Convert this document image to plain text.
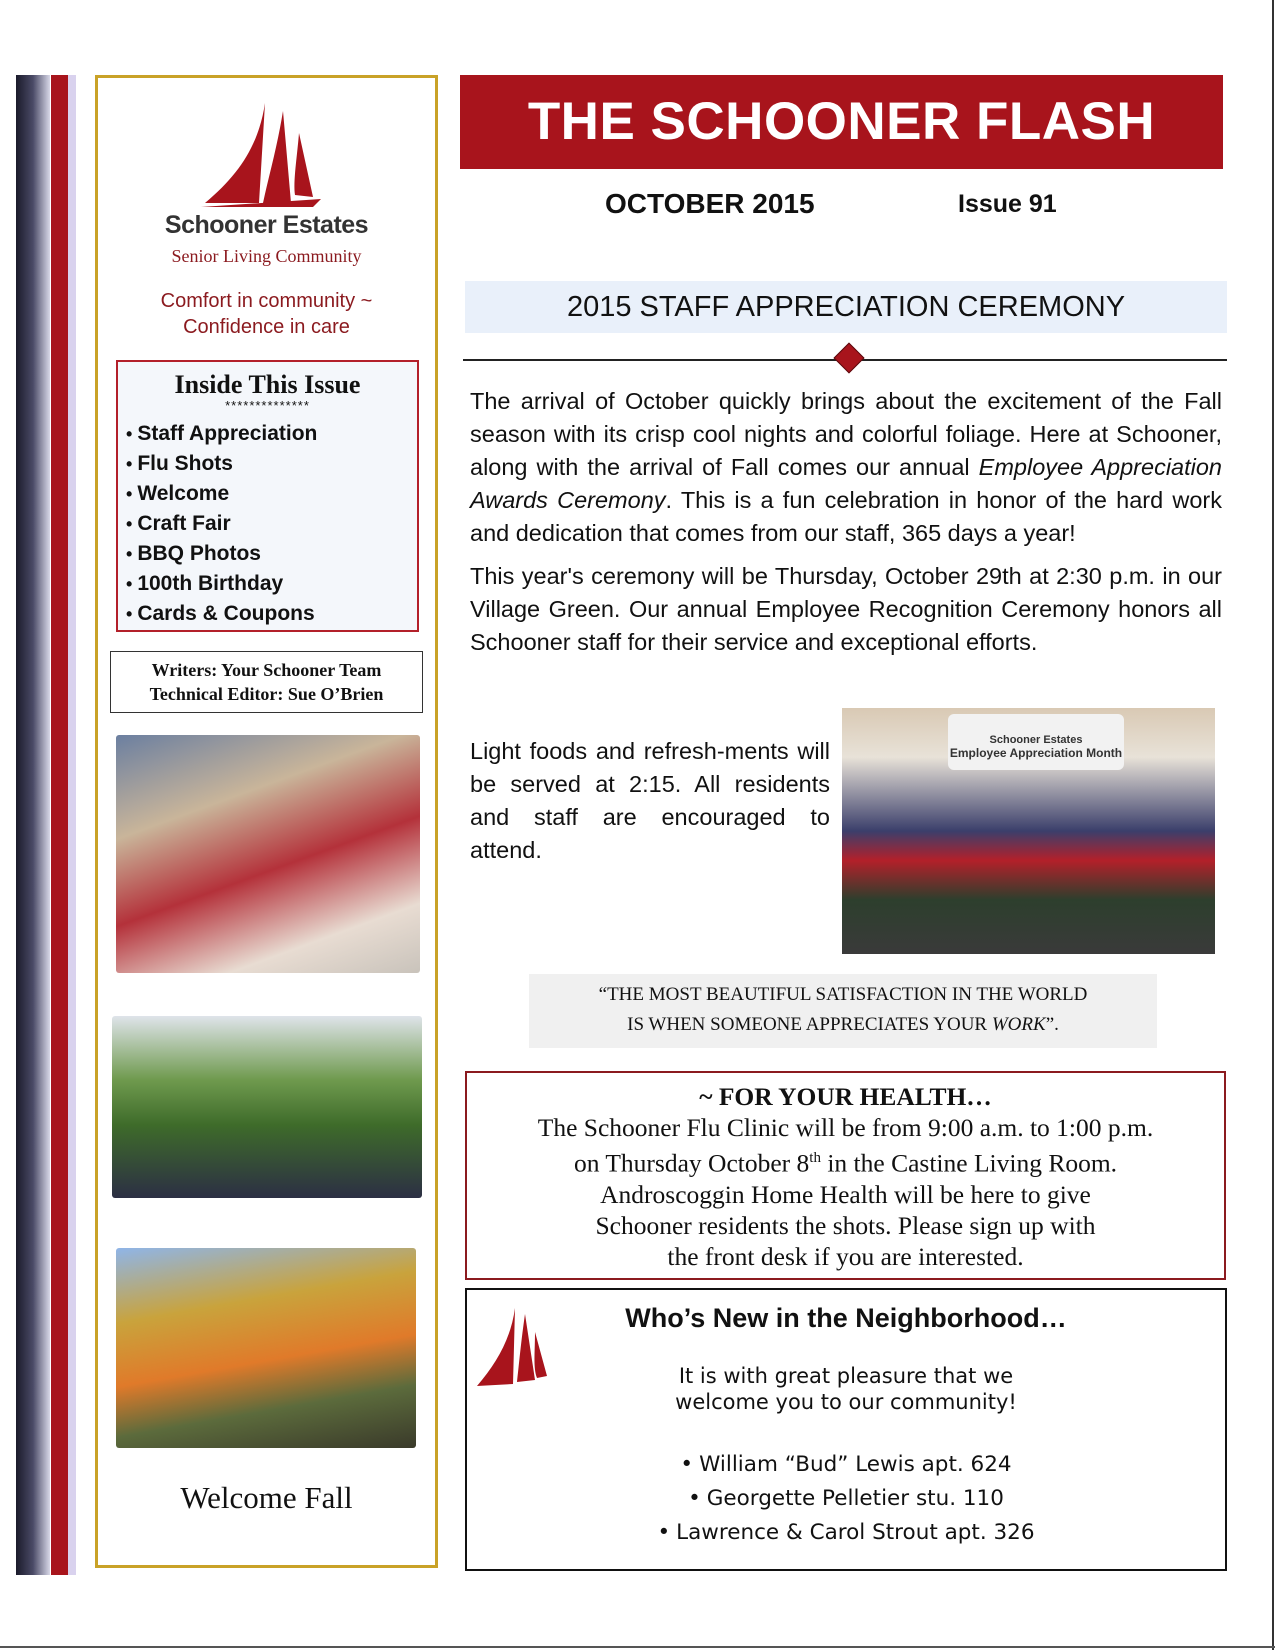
Schooner Estates
Senior Living Community
Comfort in community ~
Confidence in care
Inside This Issue
**************
• Staff Appreciation
• Flu Shots
• Welcome
• Craft Fair
• BBQ Photos
• 100th Birthday
• Cards & Coupons
Writers: Your Schooner Team
Technical Editor: Sue O’Brien
Welcome Fall
THE SCHOONER FLASH
OCTOBER 2015	Issue 91
2015 STAFF APPRECIATION CEREMONY

The arrival of October quickly brings about the excitement of the Fall season with its crisp cool nights and colorful foliage. Here at Schooner, along with the arrival of Fall comes our annual Employee Appreciation Awards Ceremony. This is a fun celebration in honor of the hard work and dedication that comes from our staff, 365 days a year!

This year's ceremony will be Thursday, October 29th at 2:30 p.m. in our Village Green. Our annual Employee Recognition Ceremony honors all Schooner staff for their service and exceptional efforts.

Light foods and refresh-ments will be served at 2:15. All residents and staff are encouraged to attend.
Schooner Estates
Employee Appreciation Month
“THE MOST BEAUTIFUL SATISFACTION IN THE WORLD
IS WHEN SOMEONE APPRECIATES YOUR WORK”.
~ FOR YOUR HEALTH…
The Schooner Flu Clinic will be from 9:00 a.m. to 1:00 p.m.
on Thursday October 8th in the Castine Living Room.
Androscoggin Home Health will be here to give
Schooner residents the shots. Please sign up with
the front desk if you are interested.
Who’s New in the Neighborhood…
It is with great pleasure that we
welcome you to our community!
• William “Bud” Lewis apt. 624
• Georgette Pelletier stu. 110
• Lawrence & Carol Strout apt. 326
